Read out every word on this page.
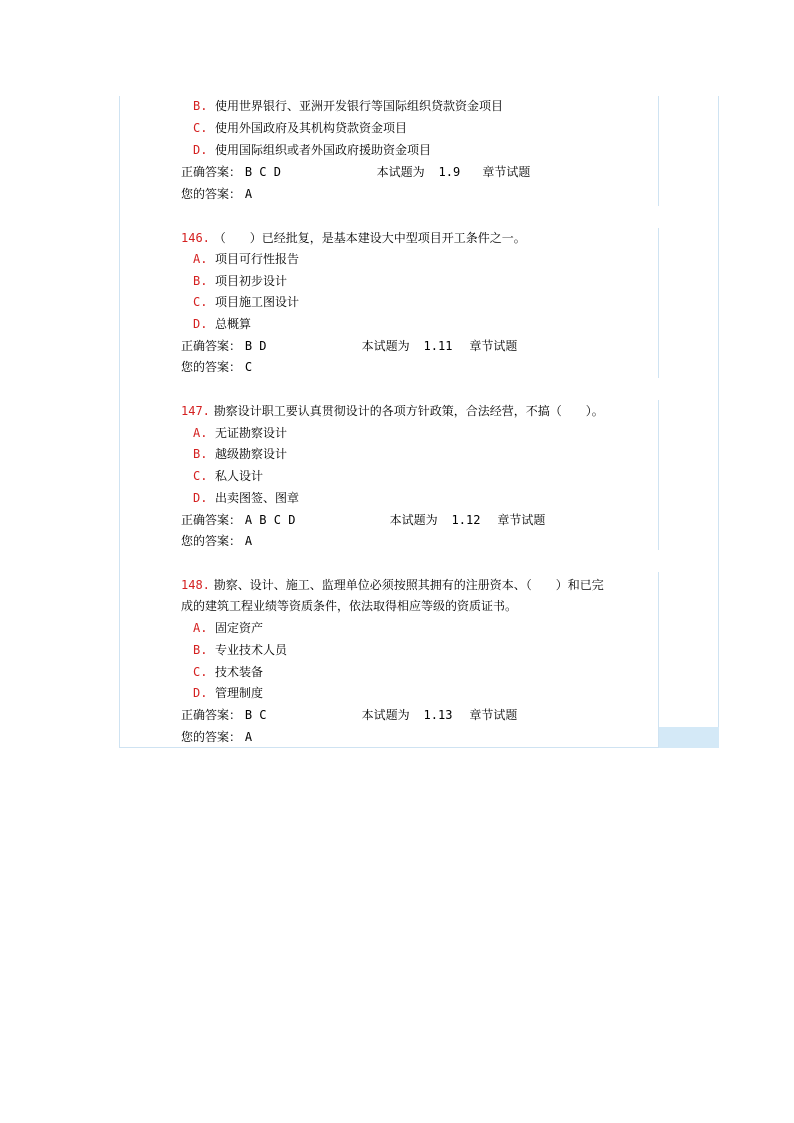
B. 使用世界银行、亚洲开发银行等国际组织贷款资金项目
C. 使用外国政府及其机构贷款资金项目
D. 使用国际组织或者外国政府援助资金项目
正确答案： B C D	本试题为 1.9 章节试题
您的答案： A
146. （　　）已经批复，是基本建设大中型项目开工条件之一。
A. 项目可行性报告
B. 项目初步设计
C. 项目施工图设计
D. 总概算
正确答案： B D	本试题为 1.11 章节试题
您的答案： C
147. 勘察设计职工要认真贯彻设计的各项方针政策，合法经营，不搞（　　）。
A. 无证勘察设计
B. 越级勘察设计
C. 私人设计
D. 出卖图签、图章
正确答案： A B C D	本试题为 1.12 章节试题
您的答案： A
148. 勘察、设计、施工、监理单位必须按照其拥有的注册资本、（　　）和已完
成的建筑工程业绩等资质条件，依法取得相应等级的资质证书。
A. 固定资产
B. 专业技术人员
C. 技术装备
D. 管理制度
正确答案： B C	本试题为 1.13 章节试题
您的答案： A
